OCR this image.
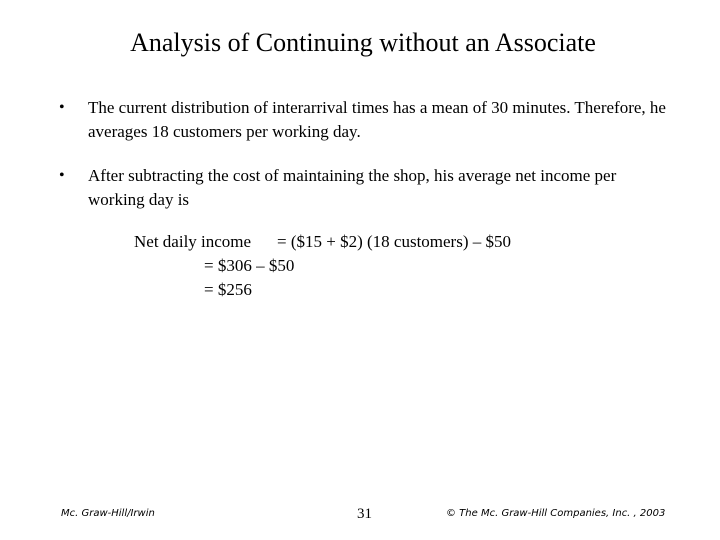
Analysis of Continuing without an Associate
• The current distribution of interarrival times has a mean of 30 minutes. Therefore, he averages 18 customers per working day.
• After subtracting the cost of maintaining the shop, his average net income per working day is
Net daily income = ($15 + $2) (18 customers) – $50
= $306 – $50
= $256
Mc. Graw-Hill/Irwin	31	© The Mc. Graw-Hill Companies, Inc. , 2003
